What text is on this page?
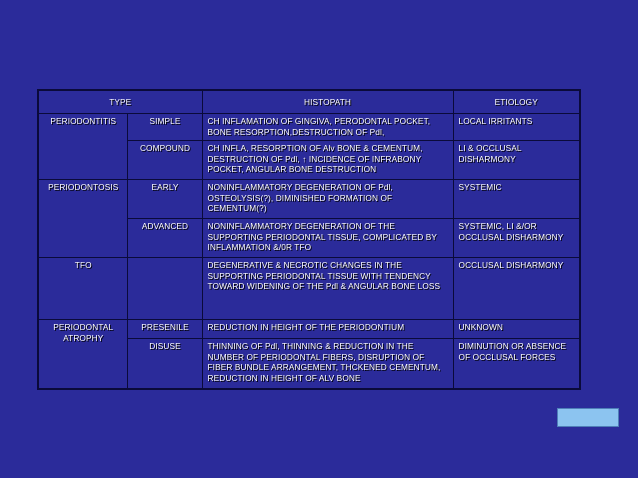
TYPE		HISTOPATH	ETIOLOGY
PERIODONTITIS	SIMPLE	CH INFLAMATION OF GINGIVA, PERODONTAL POCKET, BONE RESORPTION,DESTRUCTION OF Pdl,	LOCAL IRRITANTS
	COMPOUND	CH INFLA, RESORPTION OF Alv BONE & CEMENTUM, DESTRUCTION OF Pdl, ↑ INCIDENCE OF INFRABONY POCKET, ANGULAR BONE DESTRUCTION	LI & OCCLUSAL DISHARMONY
PERIODONTOSIS	EARLY	NONINFLAMMATORY DEGENERATION OF Pdl, OSTEOLYSIS(?), DIMINISHED FORMATION OF CEMENTUM(?)	SYSTEMIC
	ADVANCED	NONINFLAMMATORY DEGENERATION OF THE SUPPORTING PERIODONTAL TISSUE, COMPLICATED BY INFLAMMATION &/0R TFO	SYSTEMIC, LI &/OR OCCLUSAL DISHARMONY
TFO		DEGENERATIVE & NECROTIC CHANGES IN THE SUPPORTING PERIODONTAL TISSUE WITH TENDENCY TOWARD WIDENING OF THE Pdl & ANGULAR BONE LOSS	OCCLUSAL DISHARMONY
PERIODONTAL ATROPHY	PRESENILE	REDUCTION IN HEIGHT OF THE PERIODONTIUM	UNKNOWN
	DISUSE	THINNING OF Pdl, THINNING & REDUCTION IN THE NUMBER OF PERIODONTAL FIBERS, DISRUPTION OF FIBER BUNDLE ARRANGEMENT, THCKENED CEMENTUM, REDUCTION IN HEIGHT OF ALV BONE	DIMINUTION OR ABSENCE OF OCCLUSAL FORCES
